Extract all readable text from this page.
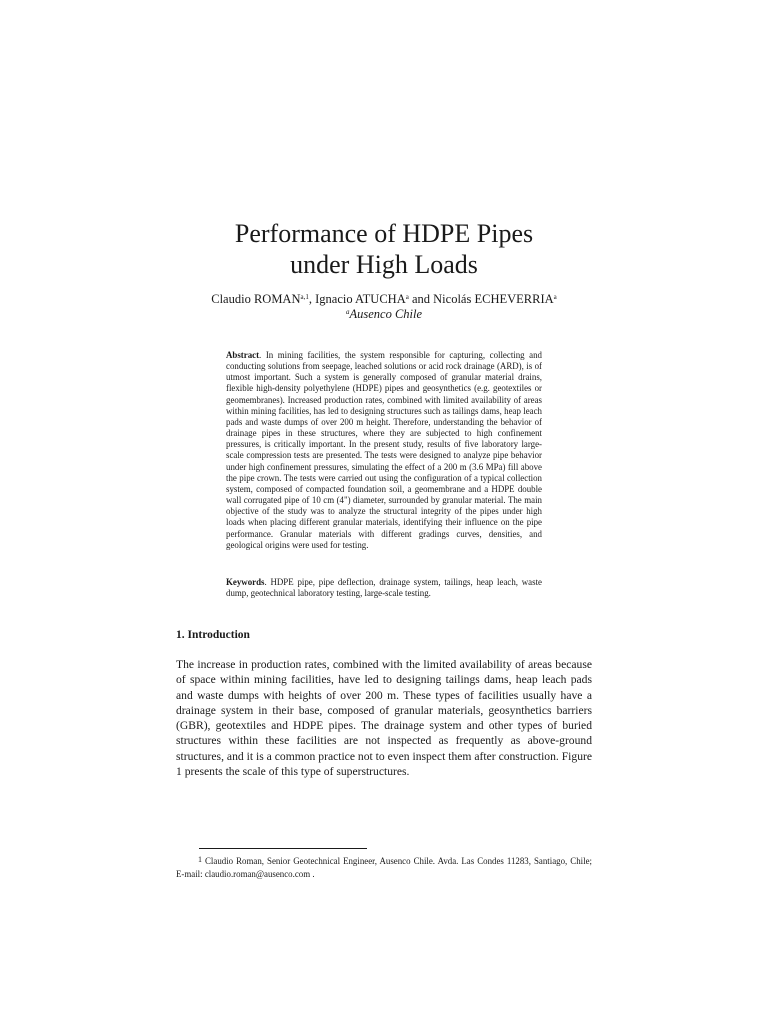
Performance of HDPE Pipes
under High Loads
Claudio ROMAN$^{a,1}$, Ignacio ATUCHA$^a$ and Nicolás ECHEVERRIA$^a$
$^a$Ausenco Chile

Abstract. In mining facilities, the system responsible for capturing, collecting and conducting solutions from seepage, leached solutions or acid rock drainage (ARD), is of utmost important. Such a system is generally composed of granular material drains, flexible high-density polyethylene (HDPE) pipes and geosynthetics (e.g. geotextiles or geomembranes). Increased production rates, combined with limited availability of areas within mining facilities, has led to designing structures such as tailings dams, heap leach pads and waste dumps of over 200 m height. Therefore, understanding the behavior of drainage pipes in these structures, where they are subjected to high confinement pressures, is critically important. In the present study, results of five laboratory large-scale compression tests are presented. The tests were designed to analyze pipe behavior under high confinement pressures, simulating the effect of a 200 m (3.6 MPa) fill above the pipe crown. The tests were carried out using the configuration of a typical collection system, composed of compacted foundation soil, a geomembrane and a HDPE double wall corrugated pipe of 10 cm (4") diameter, surrounded by granular material. The main objective of the study was to analyze the structural integrity of the pipes under high loads when placing different granular materials, identifying their influence on the pipe performance. Granular materials with different gradings curves, densities, and geological origins were used for testing.

Keywords. HDPE pipe, pipe deflection, drainage system, tailings, heap leach, waste dump, geotechnical laboratory testing, large-scale testing.

1. Introduction

The increase in production rates, combined with the limited availability of areas because of space within mining facilities, have led to designing tailings dams, heap leach pads and waste dumps with heights of over 200 m. These types of facilities usually have a drainage system in their base, composed of granular materials, geosynthetics barriers (GBR), geotextiles and HDPE pipes. The drainage system and other types of buried structures within these facilities are not inspected as frequently as above-ground structures, and it is a common practice not to even inspect them after construction. Figure 1 presents the scale of this type of superstructures.

1 Claudio Roman, Senior Geotechnical Engineer, Ausenco Chile. Avda. Las Condes 11283, Santiago, Chile; E-mail: claudio.roman@ausenco.com .
